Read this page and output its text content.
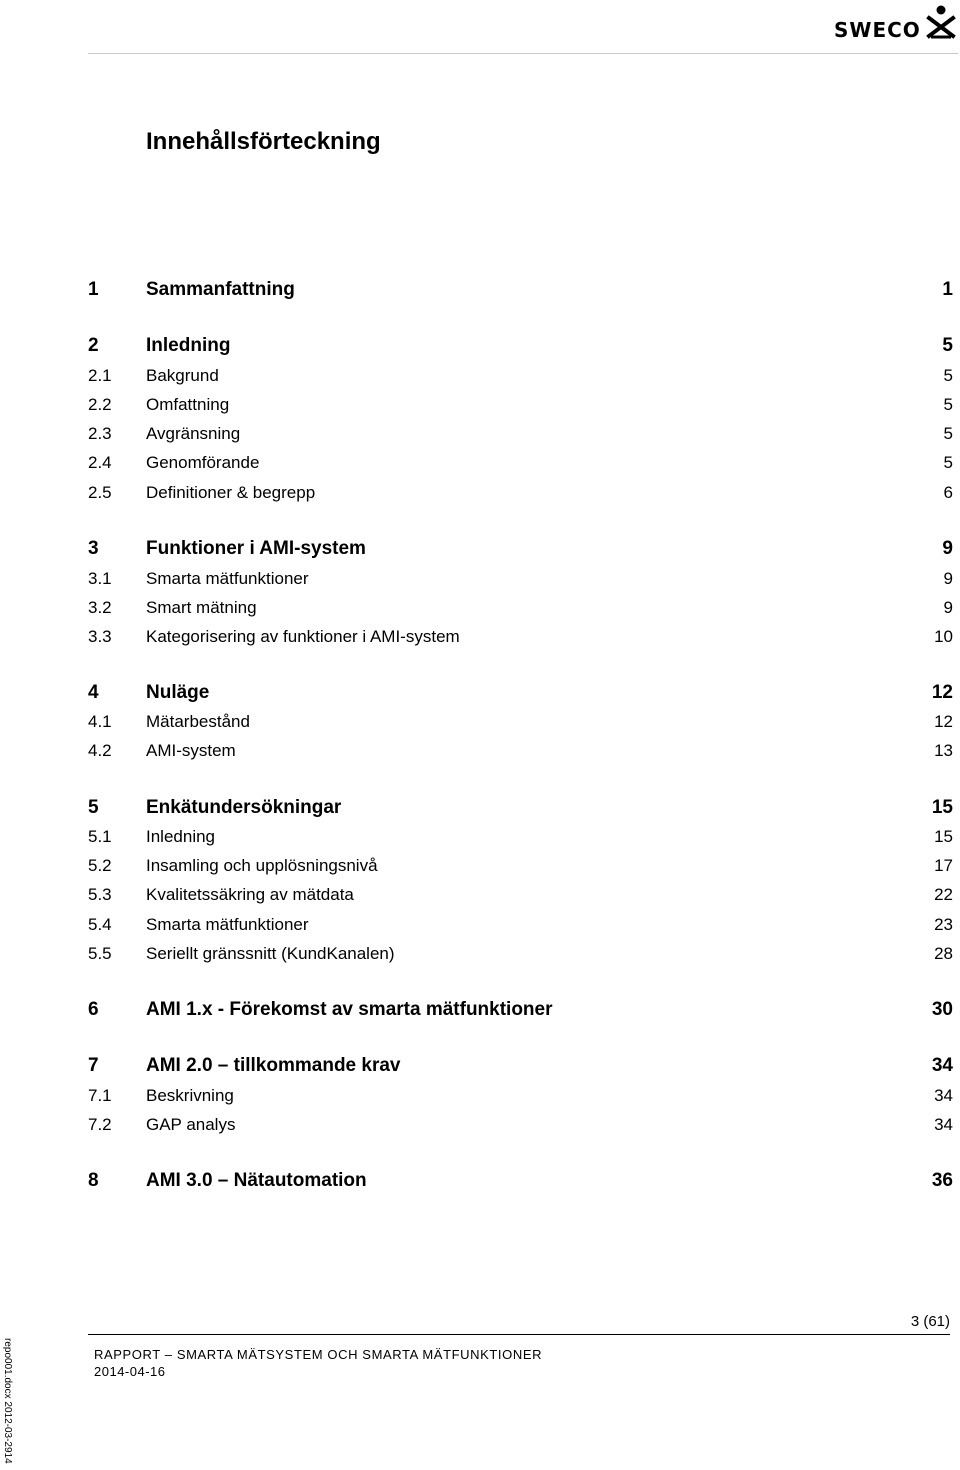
SWECO
Innehållsförteckning
1 Sammanfattning	1
2 Inledning	5
2.1 Bakgrund	5
2.2 Omfattning	5
2.3 Avgränsning	5
2.4 Genomförande	5
2.5 Definitioner & begrepp	6
3 Funktioner i AMI-system	9
3.1 Smarta mätfunktioner	9
3.2 Smart mätning	9
3.3 Kategorisering av funktioner i AMI-system	10
4 Nuläge	12
4.1 Mätarbestånd	12
4.2 AMI-system	13
5 Enkätundersökningar	15
5.1 Inledning	15
5.2 Insamling och upplösningsnivå	17
5.3 Kvalitetssäkring av mätdata	22
5.4 Smarta mätfunktioner	23
5.5 Seriellt gränssnitt (KundKanalen)	28
6 AMI 1.x - Förekomst av smarta mätfunktioner	30
7 AMI 2.0 – tillkommande krav	34
7.1 Beskrivning	34
7.2 GAP analys	34
8 AMI 3.0 – Nätautomation	36
3 (61)
RAPPORT – SMARTA MÄTSYSTEM OCH SMARTA MÄTFUNKTIONER
2014-04-16
repo001.docx 2012-03-2914
